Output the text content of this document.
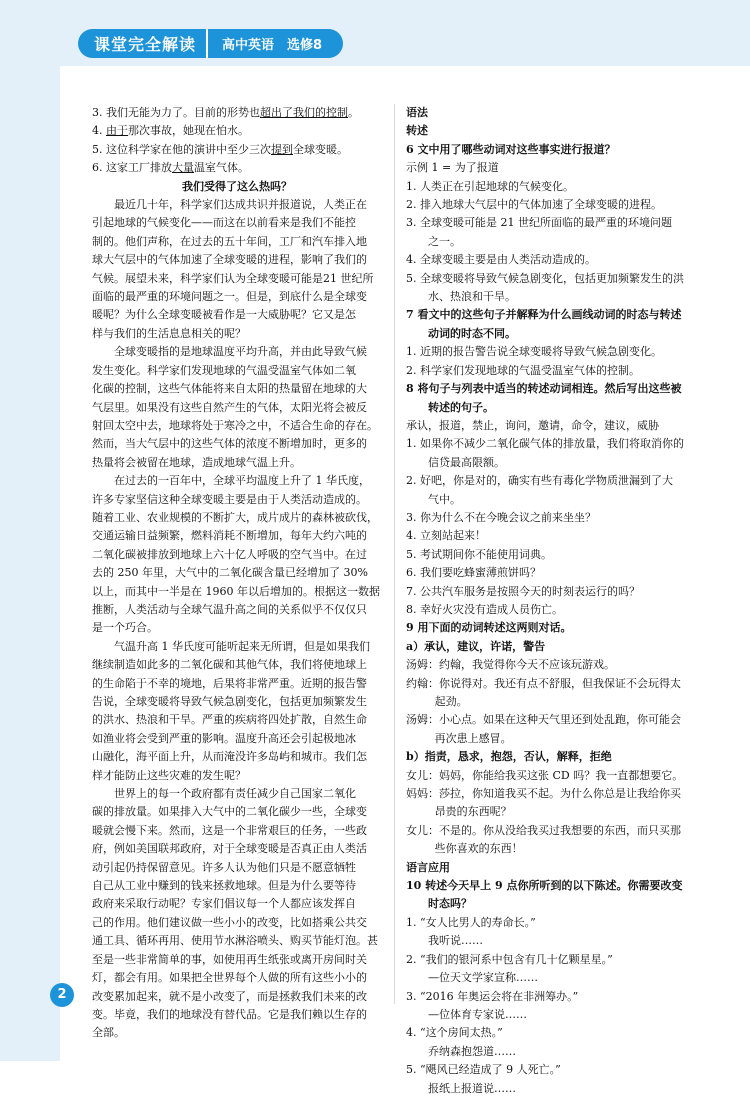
课堂完全解读	高中英语　选修8
3. 我们无能为力了。目前的形势也超出了我们的控制。
4. 由于那次事故，她现在怕水。
5. 这位科学家在他的演讲中至少三次提到全球变暖。
6. 这家工厂排放大量温室气体。
我们受得了这么热吗？
　　最近几十年，科学家们达成共识并报道说，人类正在
引起地球的气候变化——而这在以前看来是我们不能控
制的。他们声称，在过去的五十年间，工厂和汽车排入地
球大气层中的气体加速了全球变暖的进程，影响了我们的
气候。展望未来，科学家们认为全球变暖可能是21 世纪所
面临的最严重的环境问题之一。但是，到底什么是全球变
暖呢？为什么全球变暖被看作是一大威胁呢？它又是怎
样与我们的生活息息相关的呢？
　　全球变暖指的是地球温度平均升高，并由此导致气候
发生变化。科学家们发现地球的气温受温室气体如二氧
化碳的控制，这些气体能将来自太阳的热量留在地球的大
气层里。如果没有这些自然产生的气体，太阳光将会被反
射回太空中去，地球将处于寒冷之中，不适合生命的存在。
然而，当大气层中的这些气体的浓度不断增加时，更多的
热量将会被留在地球，造成地球气温上升。
　　在过去的一百年中，全球平均温度上升了 1 华氏度，
许多专家坚信这种全球变暖主要是由于人类活动造成的。
随着工业、农业规模的不断扩大，成片成片的森林被砍伐，
交通运输日益频繁，燃料消耗不断增加，每年大约六吨的
二氧化碳被排放到地球上六十亿人呼吸的空气当中。在过
去的 250 年里，大气中的二氧化碳含量已经增加了 30%
以上，而其中一半是在 1960 年以后增加的。根据这一数据
推断，人类活动与全球气温升高之间的关系似乎不仅仅只
是一个巧合。
　　气温升高 1 华氏度可能听起来无所谓，但是如果我们
继续制造如此多的二氧化碳和其他气体，我们将使地球上
的生命陷于不幸的境地，后果将非常严重。近期的报告警
告说，全球变暖将导致气候急剧变化，包括更加频繁发生
的洪水、热浪和干旱。严重的疾病将四处扩散，自然生命
如渔业将会受到严重的影响。温度升高还会引起极地冰
山融化，海平面上升，从而淹没许多岛屿和城市。我们怎
样才能防止这些灾难的发生呢？
　　世界上的每一个政府都有责任减少自己国家二氧化
碳的排放量。如果排入大气中的二氧化碳少一些，全球变
暖就会慢下来。然而，这是一个非常艰巨的任务，一些政
府，例如美国联邦政府，对于全球变暖是否真正由人类活
动引起仍持保留意见。许多人认为他们只是不愿意牺牲
自己从工业中赚到的钱来拯救地球。但是为什么要等待
政府来采取行动呢？专家们倡议每一个人都应该发挥自
己的作用。他们建议做一些小小的改变，比如搭乘公共交
通工具、循环再用、使用节水淋浴喷头、购买节能灯泡。甚
至是一些非常简单的事，如使用再生纸张或离开房间时关
灯，都会有用。如果把全世界每个人做的所有这些小小的
改变累加起来，就不是小改变了，而是拯救我们未来的改
变。毕竟，我们的地球没有替代品。它是我们赖以生存的
全部。
语法
转述
6 文中用了哪些动词对这些事实进行报道？
示例 1 = 为了报道
1. 人类正在引起地球的气候变化。
2. 排入地球大气层中的气体加速了全球变暖的进程。
3. 全球变暖可能是 21 世纪所面临的最严重的环境问题
之一。
4. 全球变暖主要是由人类活动造成的。
5. 全球变暖将导致气候急剧变化，包括更加频繁发生的洪
水、热浪和干旱。
7 看文中的这些句子并解释为什么画线动词的时态与转述
动词的时态不同。
1. 近期的报告警告说全球变暖将导致气候急剧变化。
2. 科学家们发现地球的气温受温室气体的控制。
8 将句子与列表中适当的转述动词相连。然后写出这些被
转述的句子。
承认，报道，禁止，询问，邀请，命令，建议，威胁
1. 如果你不减少二氧化碳气体的排放量，我们将取消你的
信贷最高限额。
2. 好吧，你是对的，确实有些有毒化学物质泄漏到了大
气中。
3. 你为什么不在今晚会议之前来坐坐？
4. 立刻站起来！
5. 考试期间你不能使用词典。
6. 我们要吃蜂蜜薄煎饼吗？
7. 公共汽车服务是按照今天的时刻表运行的吗？
8. 幸好火灾没有造成人员伤亡。
9 用下面的动词转述这两则对话。
a）承认，建议，许诺，警告
汤姆：约翰，我觉得你今天不应该玩游戏。
约翰：你说得对。我还有点不舒服，但我保证不会玩得太
起劲。
汤姆：小心点。如果在这种天气里还到处乱跑，你可能会
再次患上感冒。
b）指责，恳求，抱怨，否认，解释，拒绝
女儿：妈妈，你能给我买这张 CD 吗？我一直都想要它。
妈妈：莎拉，你知道我买不起。为什么你总是让我给你买
昂贵的东西呢？
女儿：不是的。你从没给我买过我想要的东西，而只买那
些你喜欢的东西！
语言应用
10 转述今天早上 9 点你所听到的以下陈述。你需要改变
时态吗？
1. “女人比男人的寿命长。”
我听说……
2. “我们的银河系中包含有几十亿颗星星。”
—位天文学家宣称……
3. “2016 年奥运会将在非洲筹办。”
—位体育专家说……
4. “这个房间太热。”
乔纳森抱怨道……
5. “飓风已经造成了 9 人死亡。”
报纸上报道说……
2
